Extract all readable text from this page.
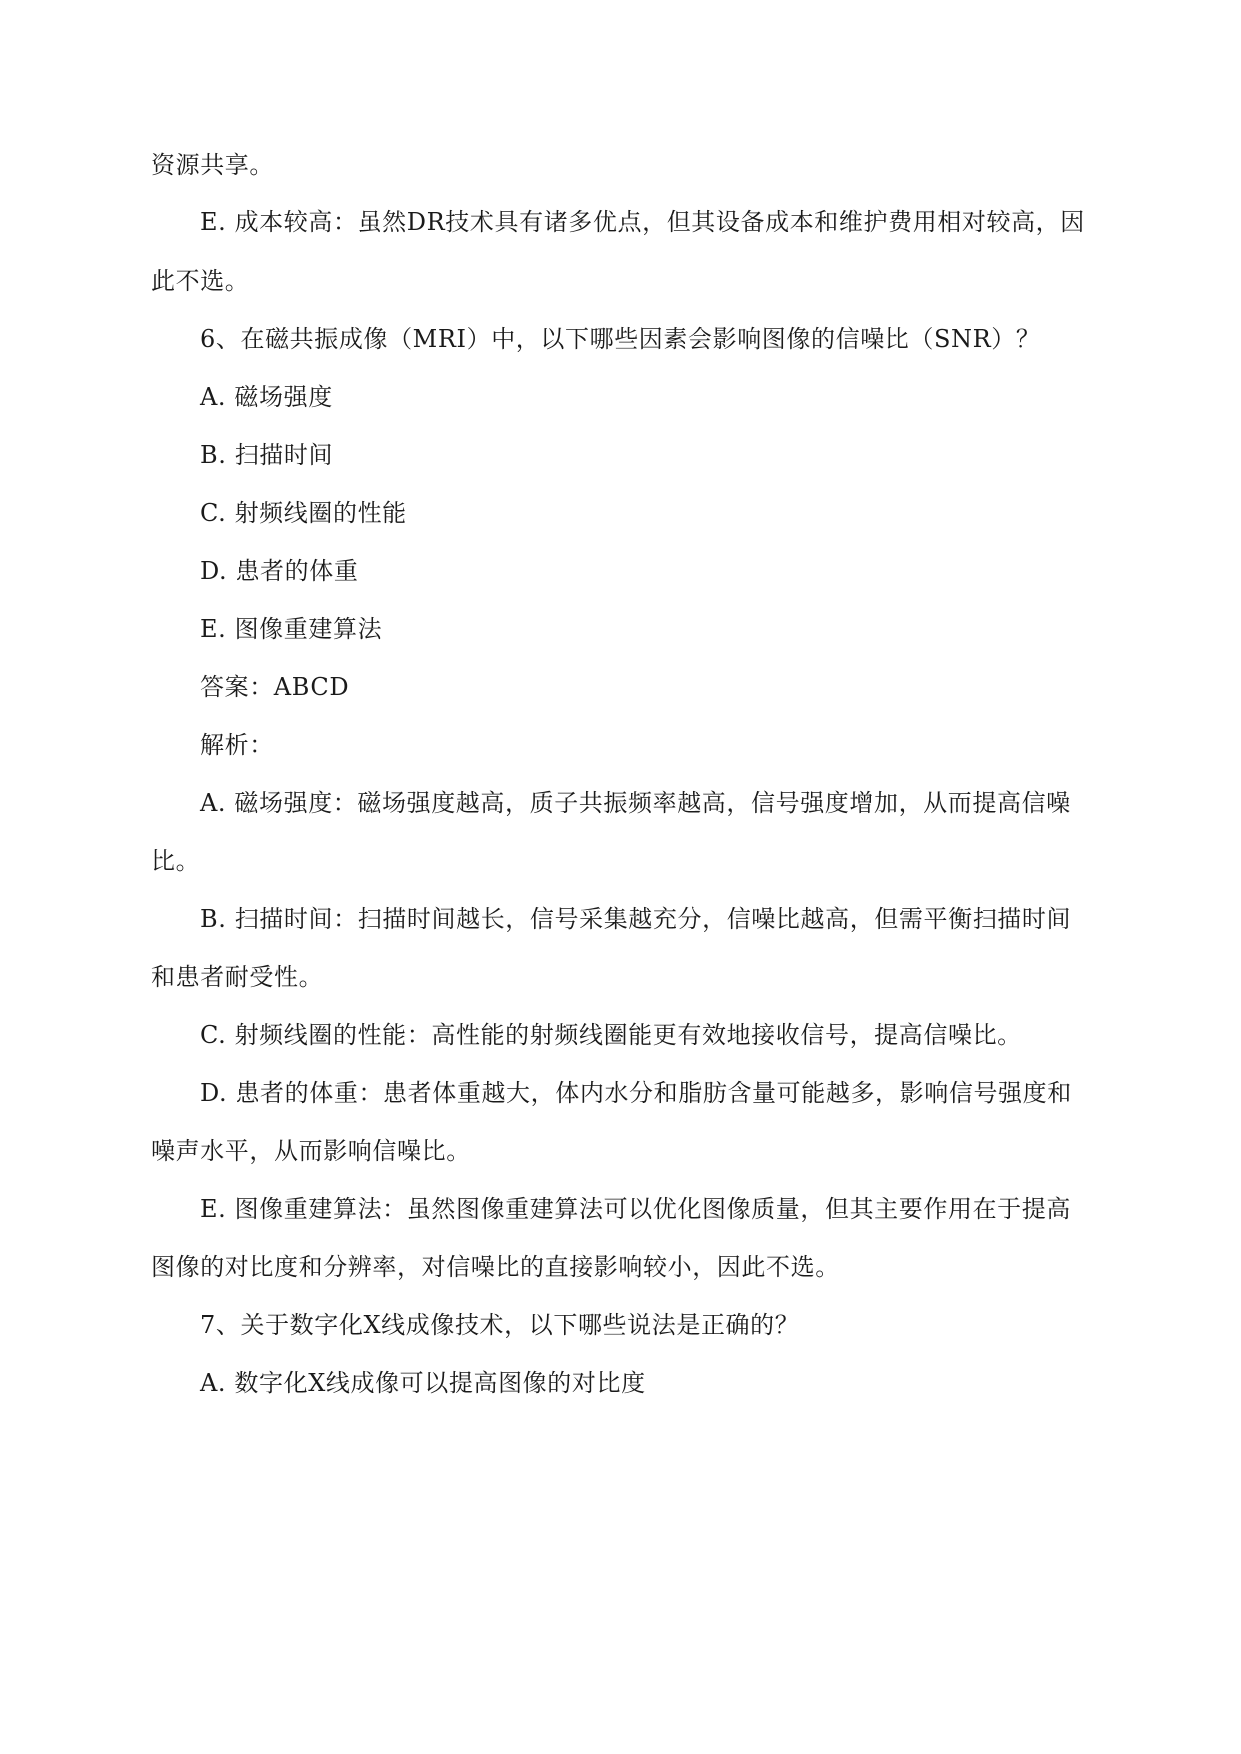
资源共享。
E. 成本较高：虽然DR技术具有诸多优点，但其设备成本和维护费用相对较高，因
此不选。
6、在磁共振成像（MRI）中，以下哪些因素会影响图像的信噪比（SNR）？
A. 磁场强度
B. 扫描时间
C. 射频线圈的性能
D. 患者的体重
E. 图像重建算法
答案：ABCD
解析：
A. 磁场强度：磁场强度越高，质子共振频率越高，信号强度增加，从而提高信噪
比。
B. 扫描时间：扫描时间越长，信号采集越充分，信噪比越高，但需平衡扫描时间
和患者耐受性。
C. 射频线圈的性能：高性能的射频线圈能更有效地接收信号，提高信噪比。
D. 患者的体重：患者体重越大，体内水分和脂肪含量可能越多，影响信号强度和
噪声水平，从而影响信噪比。
E. 图像重建算法：虽然图像重建算法可以优化图像质量，但其主要作用在于提高
图像的对比度和分辨率，对信噪比的直接影响较小，因此不选。
7、关于数字化X线成像技术，以下哪些说法是正确的？
A. 数字化X线成像可以提高图像的对比度
